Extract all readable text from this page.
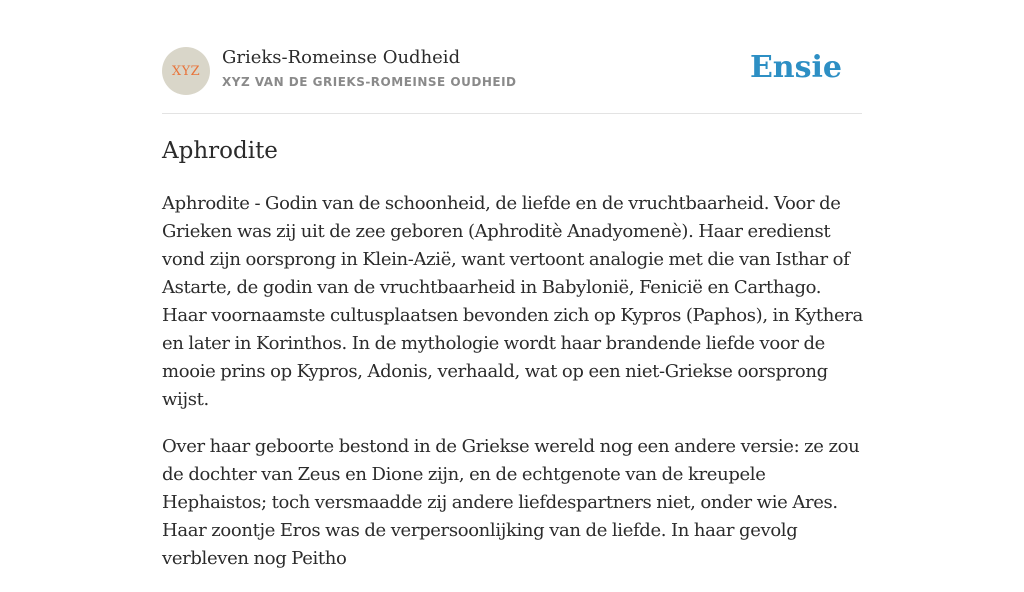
XYZ
Grieks-Romeinse Oudheid
XYZ VAN DE GRIEKS-ROMEINSE OUDHEID	Ensie
Aphrodite

Aphrodite - Godin van de schoonheid, de liefde en de vruchtbaarheid. Voor de Grieken was zij uit de zee geboren (Aphroditè Anadyomenè). Haar eredienst vond zijn oorsprong in Klein-Azië, want vertoont analogie met die van Isthar of Astarte, de godin van de vruchtbaarheid in Babylonië, Fenicië en Carthago. Haar voornaamste cultusplaatsen bevonden zich op Kypros (Paphos), in Kythera en later in Korinthos. In de mythologie wordt haar brandende liefde voor de mooie prins op Kypros, Adonis, verhaald, wat op een niet-Griekse oorsprong wijst.

Over haar geboorte bestond in de Griekse wereld nog een andere versie: ze zou de dochter van Zeus en Dione zijn, en de echtgenote van de kreupele Hephaistos; toch versmaadde zij andere liefdespartners niet, onder wie Ares. Haar zoontje Eros was de verpersoonlijking van de liefde. In haar gevolg verbleven nog Peitho
